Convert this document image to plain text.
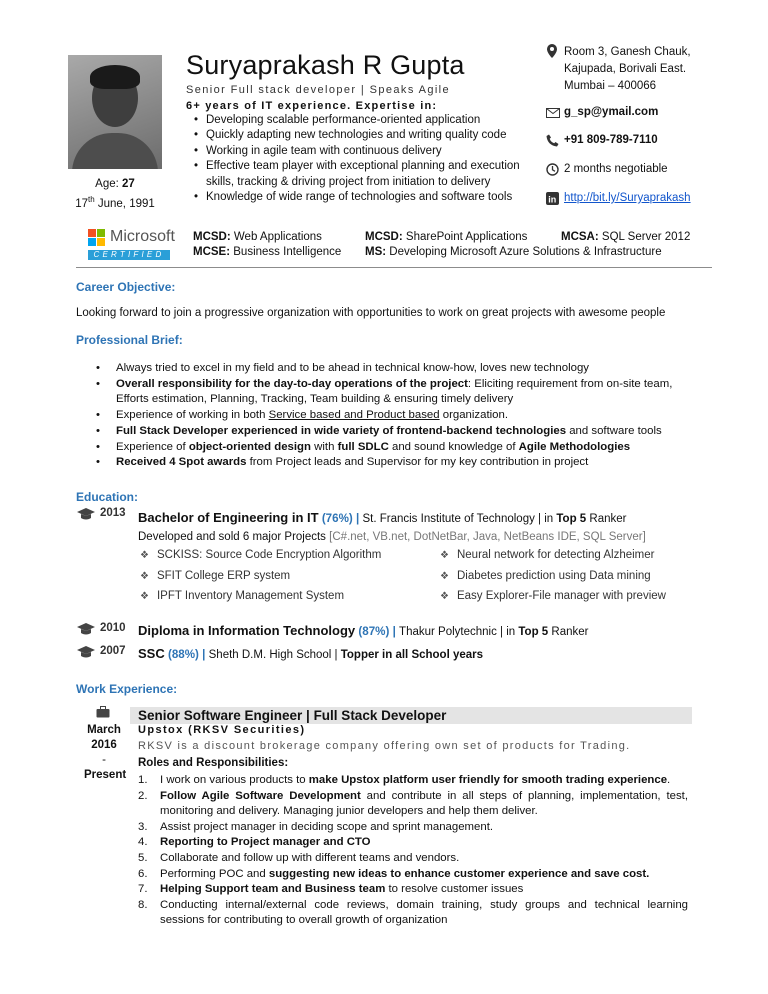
Age: 27
17th June, 1991
Suryaprakash R Gupta
Senior Full stack developer | Speaks Agile
6+ years of IT experience. Expertise in:
• Developing scalable performance-oriented application
• Quickly adapting new technologies and writing quality code
• Working in agile team with continuous delivery
• Effective team player with exceptional planning and execution skills, tracking & driving project from initiation to delivery
• Knowledge of wide range of technologies and software tools
Room 3, Ganesh Chauk,
Kajupada, Borivali East.
Mumbai – 400066
g_sp@ymail.com
+91 809-789-7110
2 months negotiable
in http://bit.ly/Suryaprakash
Microsoft
CERTIFIED
MCSD: Web Applications	MCSD: SharePoint Applications	MCSA: SQL Server 2012
MCSE: Business Intelligence MS: Developing Microsoft Azure Solutions & Infrastructure
Career Objective:
Looking forward to join a progressive organization with opportunities to work on great projects with awesome people
Professional Brief:
• Always tried to excel in my field and to be ahead in technical know-how, loves new technology
• Overall responsibility for the day-to-day operations of the project: Eliciting requirement from on-site team, Efforts estimation, Planning, Tracking, Team building & ensuring timely delivery
• Experience of working in both Service based and Product based organization.
• Full Stack Developer experienced in wide variety of frontend-backend technologies and software tools
• Experience of object-oriented design with full SDLC and sound knowledge of Agile Methodologies
• Received 4 Spot awards from Project leads and Supervisor for my key contribution in project
Education:
2013 Bachelor of Engineering in IT (76%) | St. Francis Institute of Technology | in Top 5 Ranker
Developed and sold 6 major Projects [C#.net, VB.net, DotNetBar, Java, NetBeans IDE, SQL Server]
❖ SCKISS: Source Code Encryption Algorithm	❖ Neural network for detecting Alzheimer
❖ SFIT College ERP system	❖ Diabetes prediction using Data mining
❖ IPFT Inventory Management System	❖ Easy Explorer-File manager with preview
2010 Diploma in Information Technology (87%) | Thakur Polytechnic | in Top 5 Ranker
2007 SSC (88%) | Sheth D.M. High School | Topper in all School years
Work Experience:
March
2016
-
Present
Senior Software Engineer | Full Stack Developer
Upstox (RKSV Securities)
RKSV is a discount brokerage company offering own set of products for Trading.
Roles and Responsibilities:
1. I work on various products to make Upstox platform user friendly for smooth trading experience.
2. Follow Agile Software Development and contribute in all steps of planning, implementation, test, monitoring and delivery. Managing junior developers and help them deliver.
3. Assist project manager in deciding scope and sprint management.
4. Reporting to Project manager and CTO
5. Collaborate and follow up with different teams and vendors.
6. Performing POC and suggesting new ideas to enhance customer experience and save cost.
7. Helping Support team and Business team to resolve customer issues
8. Conducting internal/external code reviews, domain training, study groups and technical learning sessions for contributing to overall growth of organization
